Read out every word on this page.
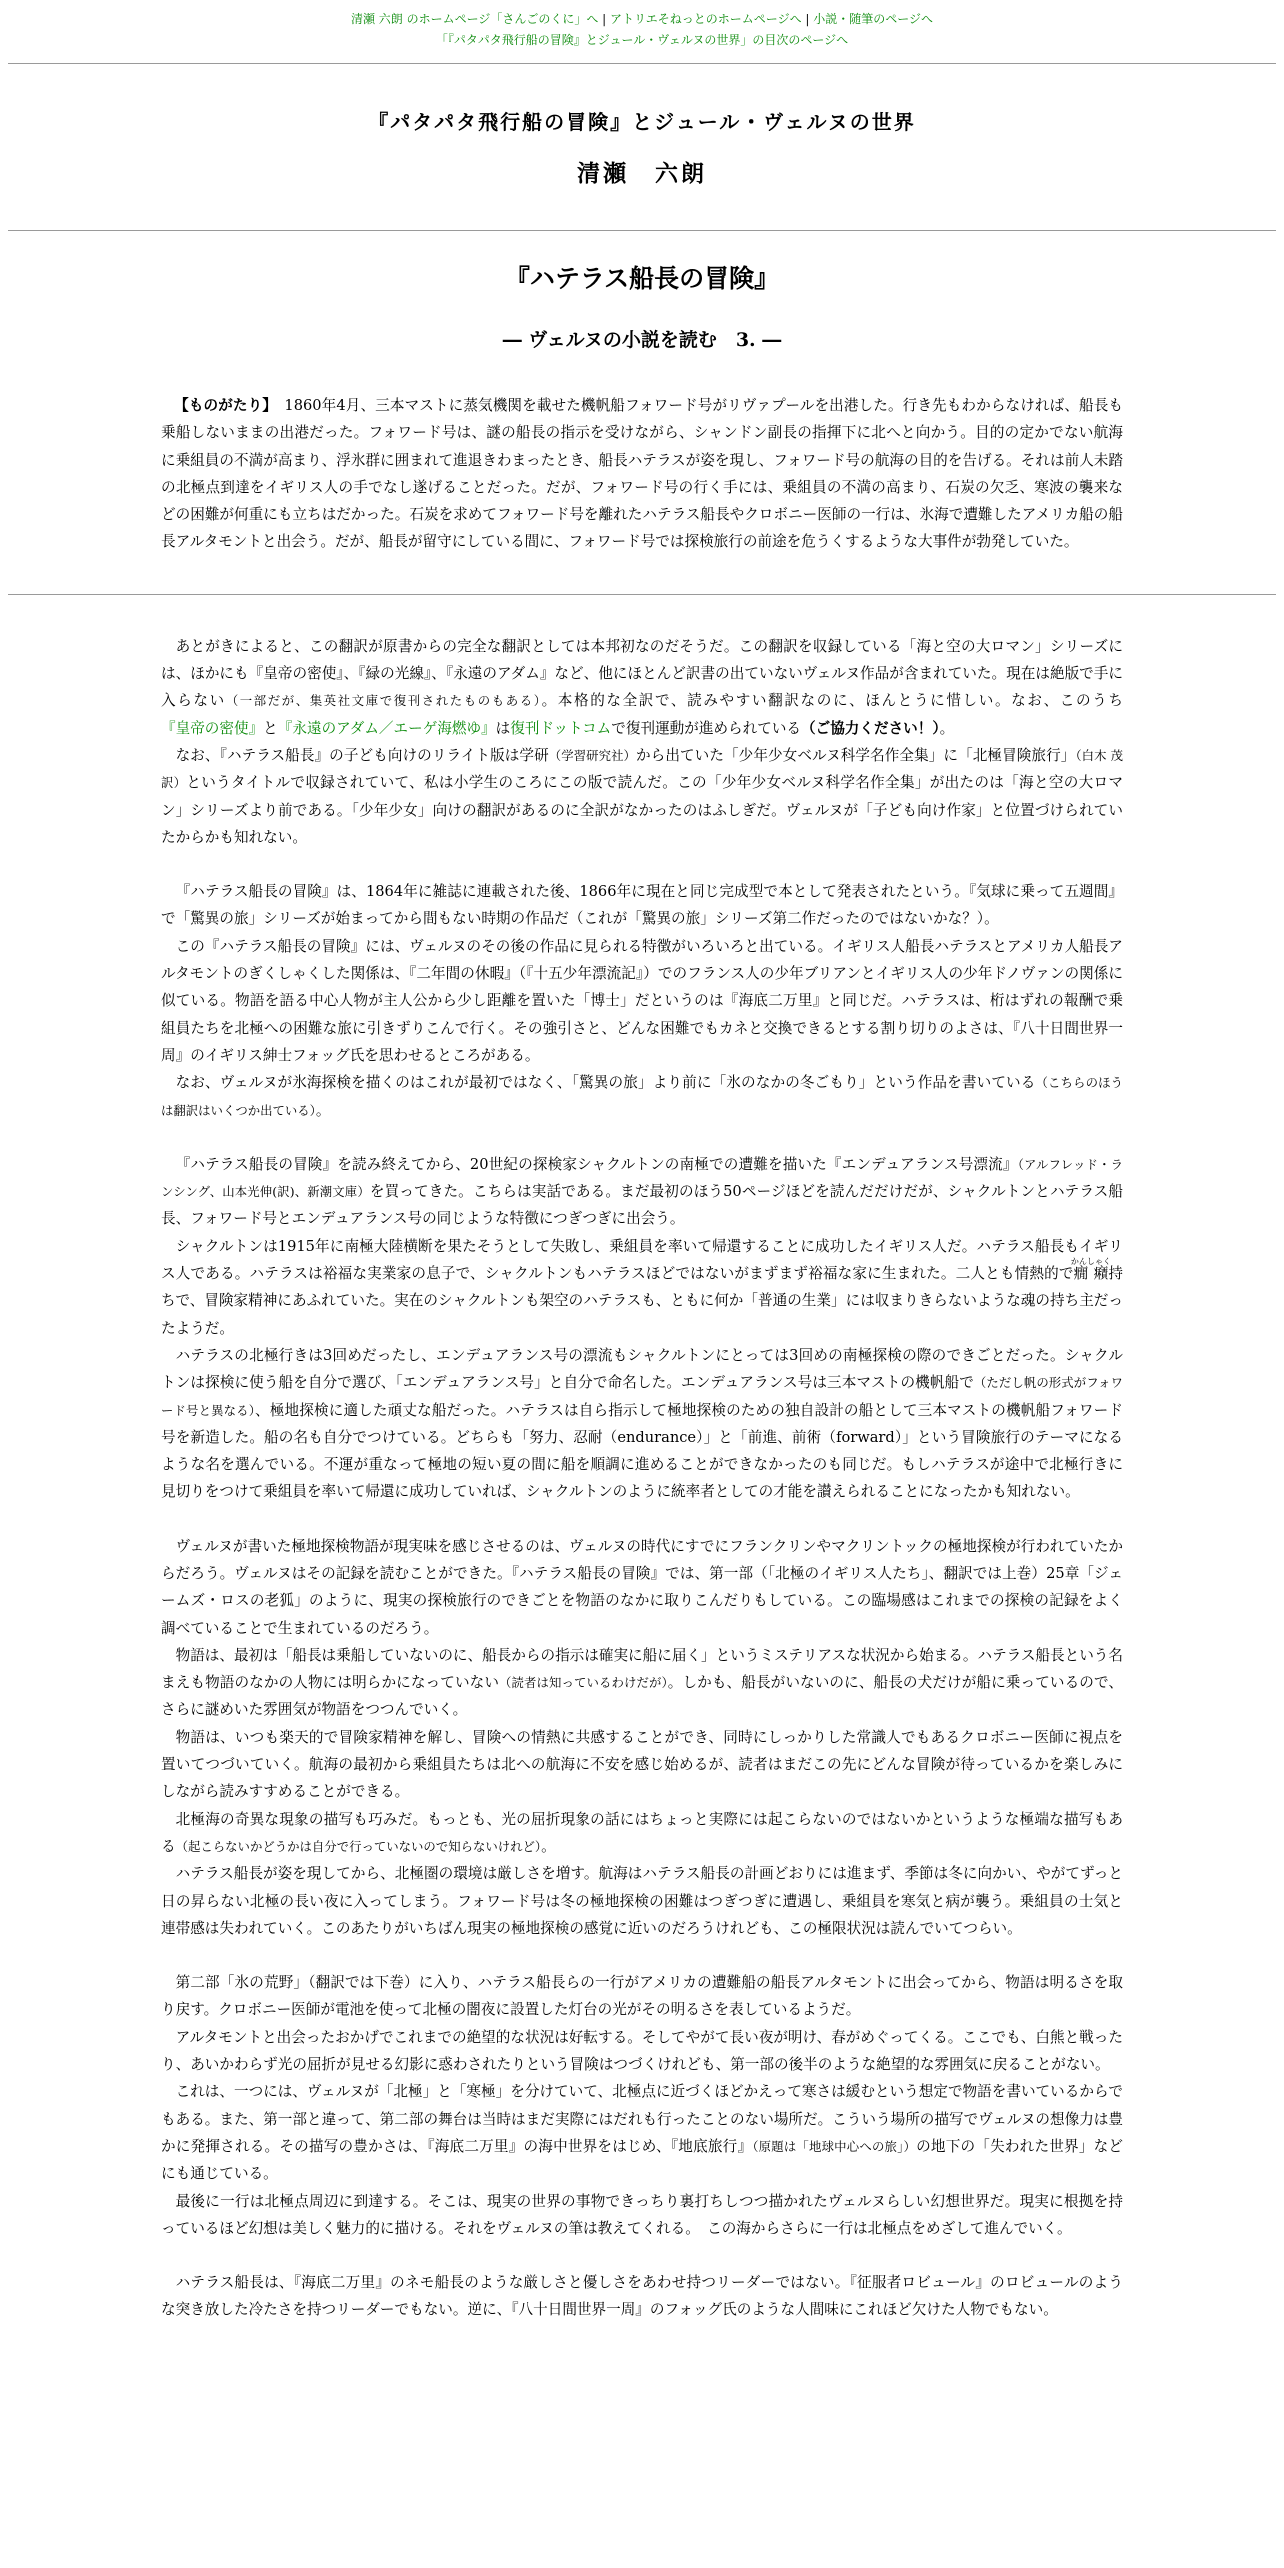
清瀬 六朗 のホームページ「さんごのくに」へ | アトリエそねっとのホームページへ | 小説・随筆のページへ
「『パタパタ飛行船の冒険』とジュール・ヴェルヌの世界」の目次のページへ
『パタパタ飛行船の冒険』とジュール・ヴェルヌの世界
清瀬　六朗
『ハテラス船長の冒険』
― ヴェルヌの小説を読む　3. ―

【ものがたり】　1860年4月、三本マストに蒸気機関を載せた機帆船フォワード号がリヴァプールを出港した。行き先もわからなければ、船長も乗船しないままの出港だった。フォワード号は、謎の船長の指示を受けながら、シャンドン副長の指揮下に北へと向かう。目的の定かでない航海に乗組員の不満が高まり、浮氷群に囲まれて進退きわまったとき、船長ハテラスが姿を現し、フォワード号の航海の目的を告げる。それは前人未踏の北極点到達をイギリス人の手でなし遂げることだった。だが、フォワード号の行く手には、乗組員の不満の高まり、石炭の欠乏、寒波の襲来などの困難が何重にも立ちはだかった。石炭を求めてフォワード号を離れたハテラス船長やクロボニー医師の一行は、氷海で遭難したアメリカ船の船長アルタモントと出会う。だが、船長が留守にしている間に、フォワード号では探検旅行の前途を危うくするような大事件が勃発していた。

あとがきによると、この翻訳が原書からの完全な翻訳としては本邦初なのだそうだ。この翻訳を収録している「海と空の大ロマン」シリーズには、ほかにも『皇帝の密使』、『緑の光線』、『永遠のアダム』など、他にほとんど訳書の出ていないヴェルヌ作品が含まれていた。現在は絶版で手に入らない（一部だが、集英社文庫で復刊されたものもある）。本格的な全訳で、読みやすい翻訳なのに、ほんとうに惜しい。なお、このうち『皇帝の密使』と『永遠のアダム／エーゲ海燃ゆ』は復刊ドットコムで復刊運動が進められている（ご協力ください！）。

なお、『ハテラス船長』の子ども向けのリライト版は学研（学習研究社）から出ていた「少年少女ベルヌ科学名作全集」に「北極冒険旅行」（白木 茂 訳）というタイトルで収録されていて、私は小学生のころにこの版で読んだ。この「少年少女ベルヌ科学名作全集」が出たのは「海と空の大ロマン」シリーズより前である。「少年少女」向けの翻訳があるのに全訳がなかったのはふしぎだ。ヴェルヌが「子ども向け作家」と位置づけられていたからかも知れない。

『ハテラス船長の冒険』は、1864年に雑誌に連載された後、1866年に現在と同じ完成型で本として発表されたという。『気球に乗って五週間』で「驚異の旅」シリーズが始まってから間もない時期の作品だ（これが「驚異の旅」シリーズ第二作だったのではないかな？）。

この『ハテラス船長の冒険』には、ヴェルヌのその後の作品に見られる特徴がいろいろと出ている。イギリス人船長ハテラスとアメリカ人船長アルタモントのぎくしゃくした関係は、『二年間の休暇』（『十五少年漂流記』）でのフランス人の少年ブリアンとイギリス人の少年ドノヴァンの関係に似ている。物語を語る中心人物が主人公から少し距離を置いた「博士」だというのは『海底二万里』と同じだ。ハテラスは、桁はずれの報酬で乗組員たちを北極への困難な旅に引きずりこんで行く。その強引さと、どんな困難でもカネと交換できるとする割り切りのよさは、『八十日間世界一周』のイギリス紳士フォッグ氏を思わせるところがある。

なお、ヴェルヌが氷海探検を描くのはこれが最初ではなく、「驚異の旅」より前に「氷のなかの冬ごもり」という作品を書いている（こちらのほうは翻訳はいくつか出ている）。

『ハテラス船長の冒険』を読み終えてから、20世紀の探検家シャクルトンの南極での遭難を描いた『エンデュアランス号漂流』（アルフレッド・ランシング、山本光伸(訳)、新潮文庫）を買ってきた。こちらは実話である。まだ最初のほう50ページほどを読んだだけだが、シャクルトンとハテラス船長、フォワード号とエンデュアランス号の同じような特徴につぎつぎに出会う。

シャクルトンは1915年に南極大陸横断を果たそうとして失敗し、乗組員を率いて帰還することに成功したイギリス人だ。ハテラス船長もイギリス人である。ハテラスは裕福な実業家の息子で、シャクルトンもハテラスほどではないがまずまず裕福な家に生まれた。二人とも情熱的で癇癪かんしゃく持ちで、冒険家精神にあふれていた。実在のシャクルトンも架空のハテラスも、ともに何か「普通の生業」には収まりきらないような魂の持ち主だったようだ。

ハテラスの北極行きは3回めだったし、エンデュアランス号の漂流もシャクルトンにとっては3回めの南極探検の際のできごとだった。シャクルトンは探検に使う船を自分で選び、「エンデュアランス号」と自分で命名した。エンデュアランス号は三本マストの機帆船で（ただし帆の形式がフォワード号と異なる）、極地探検に適した頑丈な船だった。ハテラスは自ら指示して極地探検のための独自設計の船として三本マストの機帆船フォワード号を新造した。船の名も自分でつけている。どちらも「努力、忍耐（endurance）」と「前進、前術（forward）」という冒険旅行のテーマになるような名を選んでいる。不運が重なって極地の短い夏の間に船を順調に進めることができなかったのも同じだ。もしハテラスが途中で北極行きに見切りをつけて乗組員を率いて帰還に成功していれば、シャクルトンのように統率者としての才能を讃えられることになったかも知れない。

ヴェルヌが書いた極地探検物語が現実味を感じさせるのは、ヴェルヌの時代にすでにフランクリンやマクリントックの極地探検が行われていたからだろう。ヴェルヌはその記録を読むことができた。『ハテラス船長の冒険』では、第一部（「北極のイギリス人たち」、翻訳では上巻）25章「ジェームズ・ロスの老狐」のように、現実の探検旅行のできごとを物語のなかに取りこんだりもしている。この臨場感はこれまでの探検の記録をよく調べていることで生まれているのだろう。

物語は、最初は「船長は乗船していないのに、船長からの指示は確実に船に届く」というミステリアスな状況から始まる。ハテラス船長という名まえも物語のなかの人物には明らかになっていない（読者は知っているわけだが）。しかも、船長がいないのに、船長の犬だけが船に乗っているので、さらに謎めいた雰囲気が物語をつつんでいく。

物語は、いつも楽天的で冒険家精神を解し、冒険への情熱に共感することができ、同時にしっかりした常識人でもあるクロボニー医師に視点を置いてつづいていく。航海の最初から乗組員たちは北への航海に不安を感じ始めるが、読者はまだこの先にどんな冒険が待っているかを楽しみにしながら読みすすめることができる。

北極海の奇異な現象の描写も巧みだ。もっとも、光の屈折現象の話にはちょっと実際には起こらないのではないかというような極端な描写もある（起こらないかどうかは自分で行っていないので知らないけれど）。

ハテラス船長が姿を現してから、北極圏の環境は厳しさを増す。航海はハテラス船長の計画どおりには進まず、季節は冬に向かい、やがてずっと日の昇らない北極の長い夜に入ってしまう。フォワード号は冬の極地探検の困難はつぎつぎに遭遇し、乗組員を寒気と病が襲う。乗組員の士気と連帯感は失われていく。このあたりがいちばん現実の極地探検の感覚に近いのだろうけれども、この極限状況は読んでいてつらい。

第二部「氷の荒野」（翻訳では下巻）に入り、ハテラス船長らの一行がアメリカの遭難船の船長アルタモントに出会ってから、物語は明るさを取り戻す。クロボニー医師が電池を使って北極の闇夜に設置した灯台の光がその明るさを表しているようだ。

アルタモントと出会ったおかげでこれまでの絶望的な状況は好転する。そしてやがて長い夜が明け、春がめぐってくる。ここでも、白熊と戦ったり、あいかわらず光の屈折が見せる幻影に惑わされたりという冒険はつづくけれども、第一部の後半のような絶望的な雰囲気に戻ることがない。

これは、一つには、ヴェルヌが「北極」と「寒極」を分けていて、北極点に近づくほどかえって寒さは緩むという想定で物語を書いているからでもある。また、第一部と違って、第二部の舞台は当時はまだ実際にはだれも行ったことのない場所だ。こういう場所の描写でヴェルヌの想像力は豊かに発揮される。その描写の豊かさは、『海底二万里』の海中世界をはじめ、『地底旅行』（原題は「地球中心への旅」）の地下の「失われた世界」などにも通じている。

最後に一行は北極点周辺に到達する。そこは、現実の世界の事物できっちり裏打ちしつつ描かれたヴェルヌらしい幻想世界だ。現実に根拠を持っているほど幻想は美しく魅力的に描ける。それをヴェルヌの筆は教えてくれる。　この海からさらに一行は北極点をめざして進んでいく。

ハテラス船長は、『海底二万里』のネモ船長のような厳しさと優しさをあわせ持つリーダーではない。『征服者ロビュール』のロビュールのような突き放した冷たさを持つリーダーでもない。逆に、『八十日間世界一周』のフォッグ氏のような人間味にこれほど欠けた人物でもない。
